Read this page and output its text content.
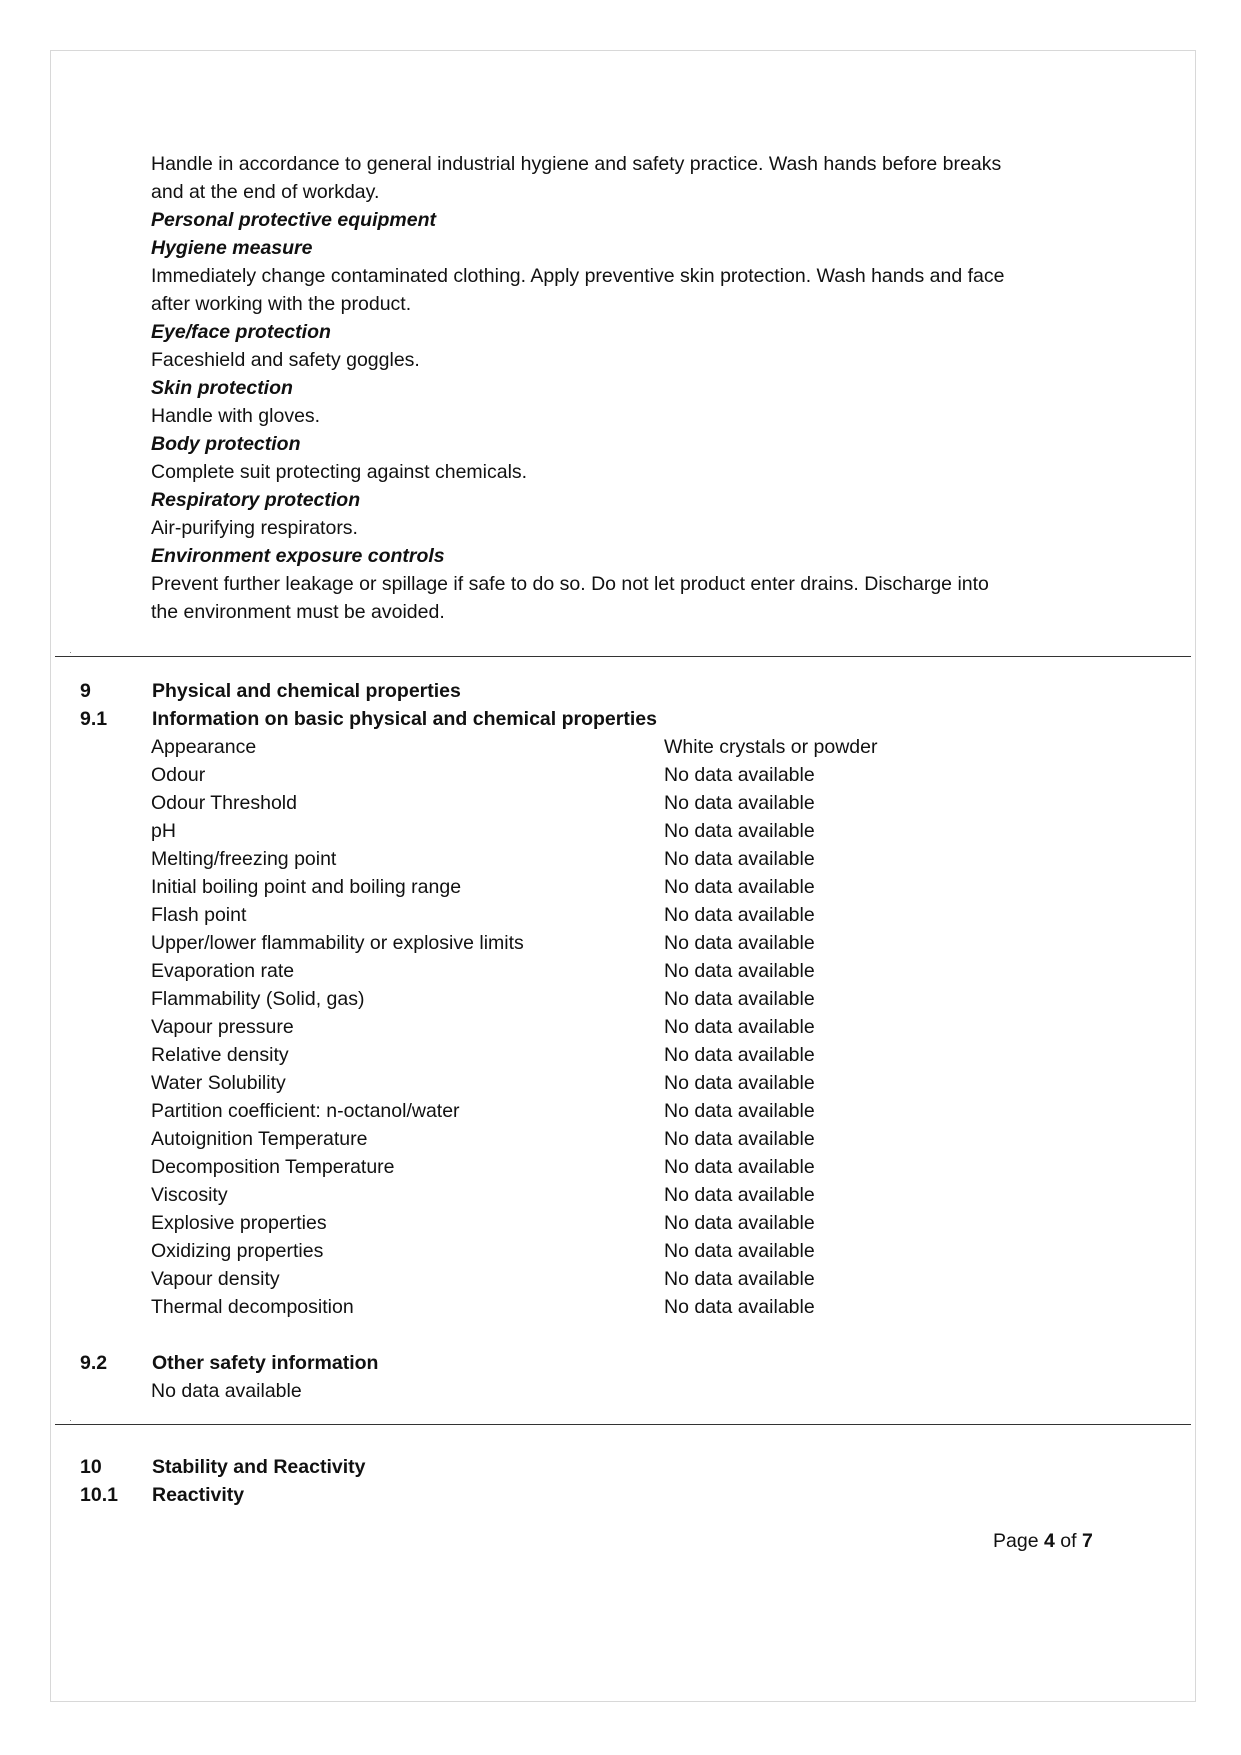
Handle in accordance to general industrial hygiene and safety practice. Wash hands before breaks
and at the end of workday.
Personal protective equipment
Hygiene measure
Immediately change contaminated clothing. Apply preventive skin protection. Wash hands and face
after working with the product.
Eye/face protection
Faceshield and safety goggles.
Skin protection
Handle with gloves.
Body protection
Complete suit protecting against chemicals.
Respiratory protection
Air-purifying respirators.
Environment exposure controls
Prevent further leakage or spillage if safe to do so. Do not let product enter drains. Discharge into
the environment must be avoided.
9	Physical and chemical properties
9.1 Information on basic physical and chemical properties
Appearance	White crystals or powder
Odour	No data available
Odour Threshold	No data available
pH	No data available
Melting/freezing point	No data available
Initial boiling point and boiling range	No data available
Flash point	No data available
Upper/lower flammability or explosive limits	No data available
Evaporation rate	No data available
Flammability (Solid, gas)	No data available
Vapour pressure	No data available
Relative density	No data available
Water Solubility	No data available
Partition coefficient: n-octanol/water	No data available
Autoignition Temperature	No data available
Decomposition Temperature	No data available
Viscosity	No data available
Explosive properties	No data available
Oxidizing properties	No data available
Vapour density	No data available
Thermal decomposition	No data available
9.2 Other safety information
No data available
10	Stability and Reactivity
10.1 Reactivity
Page 4 of 7
